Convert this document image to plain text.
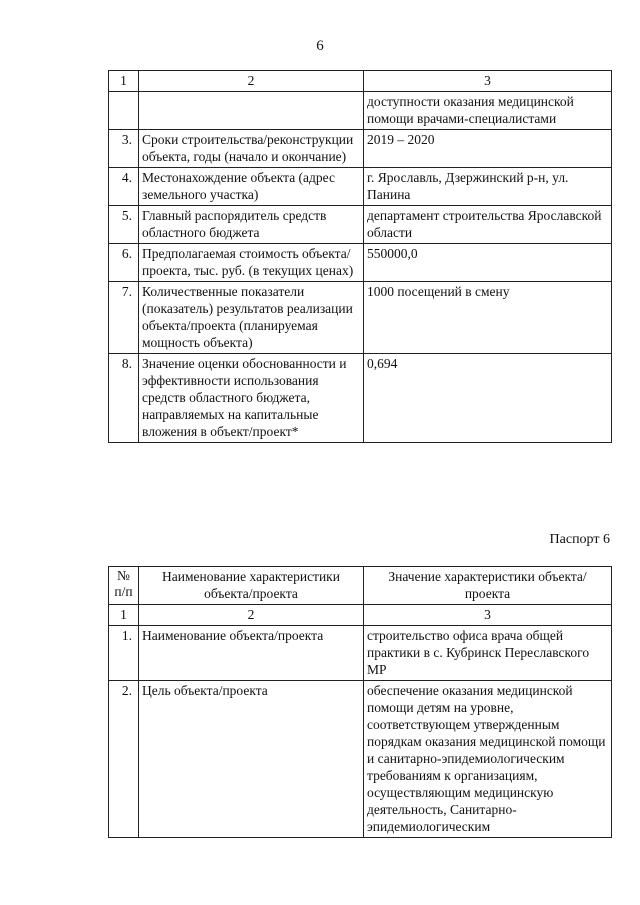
6
1	2	3
		доступности оказания медицинской помощи врачами-специалистами
3.	Сроки строительства/реконструкции объекта, годы (начало и окончание)	2019 – 2020
4.	Местонахождение объекта (адрес земельного участка)	г. Ярославль, Дзержинский р-н, ул. Панина
5.	Главный распорядитель средств областного бюджета	департамент строительства Ярославской области
6.	Предполагаемая стоимость объекта/проекта, тыс. руб. (в текущих ценах)	550000,0
7.	Количественные показатели (показатель) результатов реализации объекта/проекта (планируемая мощность объекта)	1000 посещений в смену
8.	Значение оценки обоснованности и эффективности использования средств областного бюджета, направляемых на капитальные вложения в объект/проект*	0,694
Паспорт 6
№ п/п	Наименование характеристики объекта/проекта	Значение характеристики объекта/проекта
1	2	3
1.	Наименование объекта/проекта	строительство офиса врача общей практики в с. Кубринск Переславского МР
2.	Цель объекта/проекта	обеспечение оказания медицинской помощи детям на уровне, соответствующем утвержденным порядкам оказания медицинской помощи и санитарно-эпидемиологическим требованиям к организациям, осуществляющим медицинскую деятельность, Санитарно-эпидемиологическим
